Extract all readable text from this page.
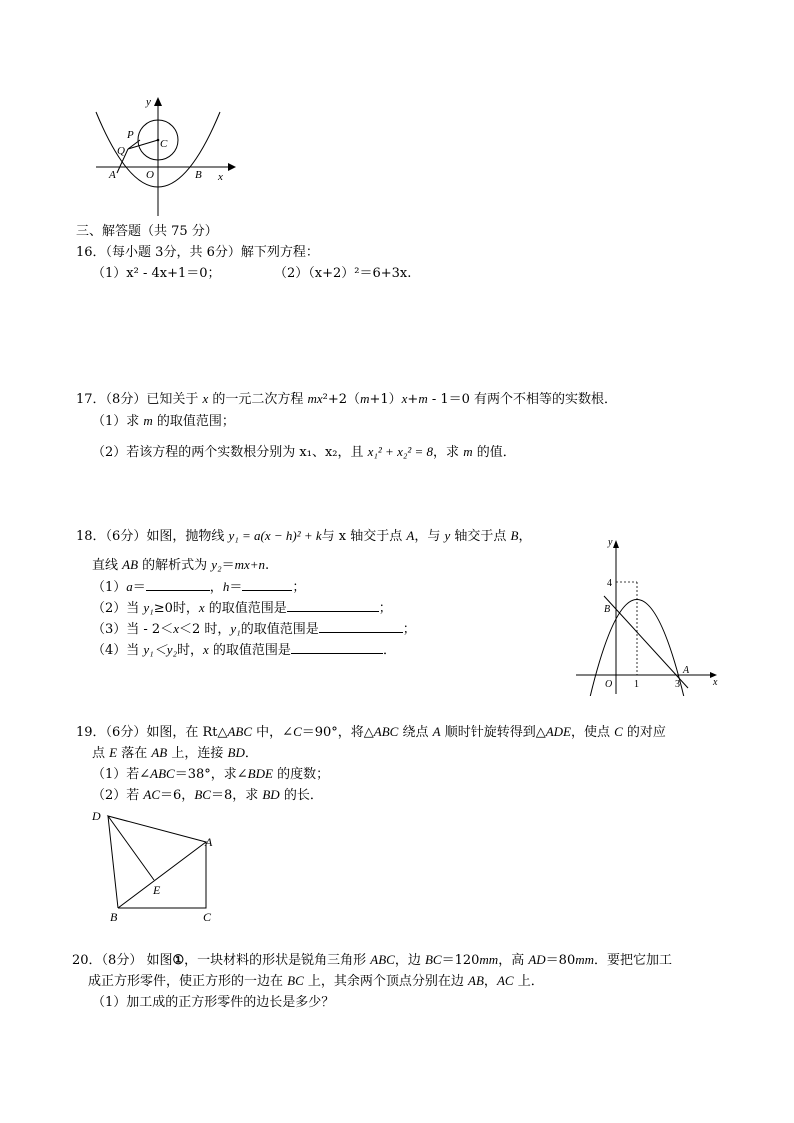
y
x
P
Q
C
A	O	B
三、解答题（共 75 分）
16．（每小题 3分，共 6分）解下列方程：
（1）x² - 4x+1＝0；	（2）（x+2）²＝6+3x.
17．（8分）已知关于 x 的一元二次方程 mx²+2（m+1）x+m - 1＝0 有两个不相等的实数根．
（1）求 m 的取值范围；
（2）若该方程的两个实数根分别为 x₁、x₂，且 x₁² + x₂² = 8，求 m 的值．
18．（6分）如图，抛物线 y₁ = a(x − h)² + k与 x 轴交于点 A，与 y 轴交于点 B，
直线 AB 的解析式为 y₂＝mx+n.
（1）a＝	，h＝	；
（2）当 y₁≥0时，x 的取值范围是	；
（3）当 - 2＜x＜2 时，y₁的取值范围是	；
（4）当 y₁＜y₂时，x 的取值范围是	．
y
x
4
B
O 1	3
A
19．（6分）如图，在 Rt△ABC 中，∠C＝90°，将△ABC 绕点 A 顺时针旋转得到△ADE，使点 C 的对应
点 E 落在 AB 上，连接 BD．
（1）若∠ABC＝38°，求∠BDE 的度数；
（2）若 AC＝6，BC＝8，求 BD 的长．
D
A
E
B	C
20．（8分） 如图①，一块材料的形状是锐角三角形 ABC，边 BC＝120mm，高 AD＝80mm．要把它加工
成正方形零件，使正方形的一边在 BC 上，其余两个顶点分别在边 AB，AC 上．
（1）加工成的正方形零件的边长是多少？
